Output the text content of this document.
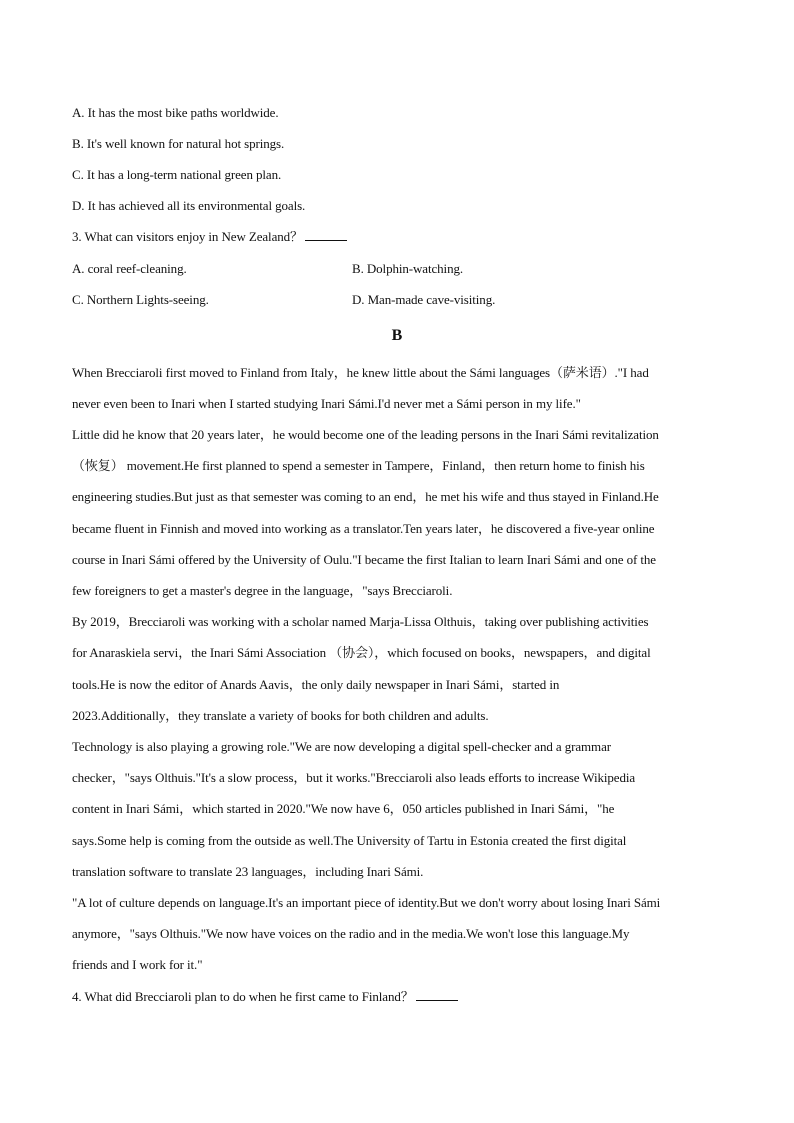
A. It has the most bike paths worldwide.
B. It's well known for natural hot springs.
C. It has a long-term national green plan.
D. It has achieved all its environmental goals.
3. What can visitors enjoy in New Zealand？
A. coral reef-cleaning.	B. Dolphin-watching.
C. Northern Lights-seeing.	D. Man-made cave-visiting.
B
When Brecciaroli first moved to Finland from Italy，he knew little about the Sámi languages（萨米语）."I had
never even been to Inari when I started studying Inari Sámi.I'd never met a Sámi person in my life."
Little did he know that 20 years later，he would become one of the leading persons in the Inari Sámi revitalization
（恢复） movement.He first planned to spend a semester in Tampere，Finland，then return home to finish his
engineering studies.But just as that semester was coming to an end，he met his wife and thus stayed in Finland.He
became fluent in Finnish and moved into working as a translator.Ten years later，he discovered a five-year online
course in Inari Sámi offered by the University of Oulu."I became the first Italian to learn Inari Sámi and one of the
few foreigners to get a master's degree in the language，"says Brecciaroli.
By 2019，Brecciaroli was working with a scholar named Marja-Lissa Olthuis，taking over publishing activities
for Anaraskiela servi，the Inari Sámi Association （协会），which focused on books，newspapers，and digital
tools.He is now the editor of Anards Aavis，the only daily newspaper in Inari Sámi，started in
2023.Additionally，they translate a variety of books for both children and adults.
Technology is also playing a growing role."We are now developing a digital spell-checker and a grammar
checker，"says Olthuis."It's a slow process，but it works."Brecciaroli also leads efforts to increase Wikipedia
content in Inari Sámi，which started in 2020."We now have 6，050 articles published in Inari Sámi，"he
says.Some help is coming from the outside as well.The University of Tartu in Estonia created the first digital
translation software to translate 23 languages，including Inari Sámi.
"A lot of culture depends on language.It's an important piece of identity.But we don't worry about losing Inari Sámi
anymore，"says Olthuis."We now have voices on the radio and in the media.We won't lose this language.My
friends and I work for it."
4. What did Brecciaroli plan to do when he first came to Finland？
